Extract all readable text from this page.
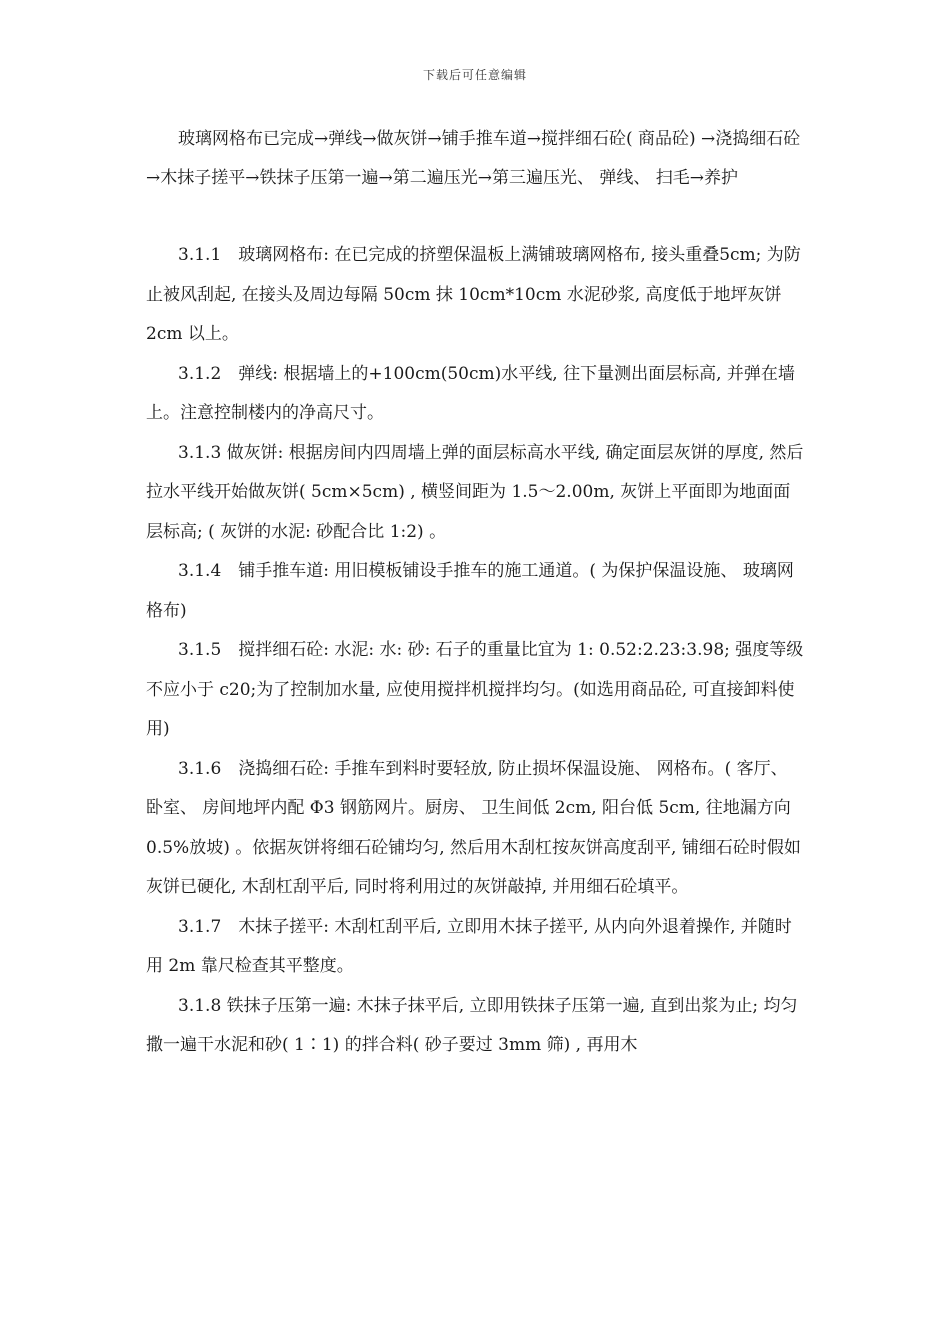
下载后可任意编辑

玻璃网格布已完成→弹线→做灰饼→铺手推车道→搅拌细石砼( 商品砼) →浇捣细石砼→木抹子搓平→铁抹子压第一遍→第二遍压光→第三遍压光、 弹线、 扫毛→养护

3.1.1　玻璃网格布: 在已完成的挤塑保温板上满铺玻璃网格布, 接头重叠5cm; 为防止被风刮起, 在接头及周边每隔 50cm 抹 10cm*10cm 水泥砂浆, 高度低于地坪灰饼 2cm 以上。

3.1.2　弹线: 根据墙上的+100cm(50cm)水平线, 往下量测出面层标高, 并弹在墙上。注意控制楼内的净高尺寸。

3.1.3 做灰饼: 根据房间内四周墙上弹的面层标高水平线, 确定面层灰饼的厚度, 然后拉水平线开始做灰饼( 5cm×5cm) , 横竖间距为 1.5～2.00m, 灰饼上平面即为地面面层标高; ( 灰饼的水泥: 砂配合比 1:2) 。

3.1.4　铺手推车道: 用旧模板铺设手推车的施工通道。( 为保护保温设施、 玻璃网格布)

3.1.5　搅拌细石砼: 水泥: 水: 砂: 石子的重量比宜为 1: 0.52:2.23:3.98; 强度等级不应小于 c20;为了控制加水量, 应使用搅拌机搅拌均匀。(如选用商品砼, 可直接卸料使用)

3.1.6　浇捣细石砼: 手推车到料时要轻放, 防止损坏保温设施、 网格布。( 客厅、 卧室、 房间地坪内配 Φ3 钢筋网片。厨房、 卫生间低 2cm, 阳台低 5cm, 往地漏方向 0.5%放坡) 。依据灰饼将细石砼铺均匀, 然后用木刮杠按灰饼高度刮平, 铺细石砼时假如灰饼已硬化, 木刮杠刮平后, 同时将利用过的灰饼敲掉, 并用细石砼填平。

3.1.7　木抹子搓平: 木刮杠刮平后, 立即用木抹子搓平, 从内向外退着操作, 并随时用 2m 靠尺检查其平整度。

3.1.8 铁抹子压第一遍: 木抹子抹平后, 立即用铁抹子压第一遍, 直到出浆为止; 均匀撒一遍干水泥和砂( 1∶1) 的拌合料( 砂子要过 3mm 筛) , 再用木
